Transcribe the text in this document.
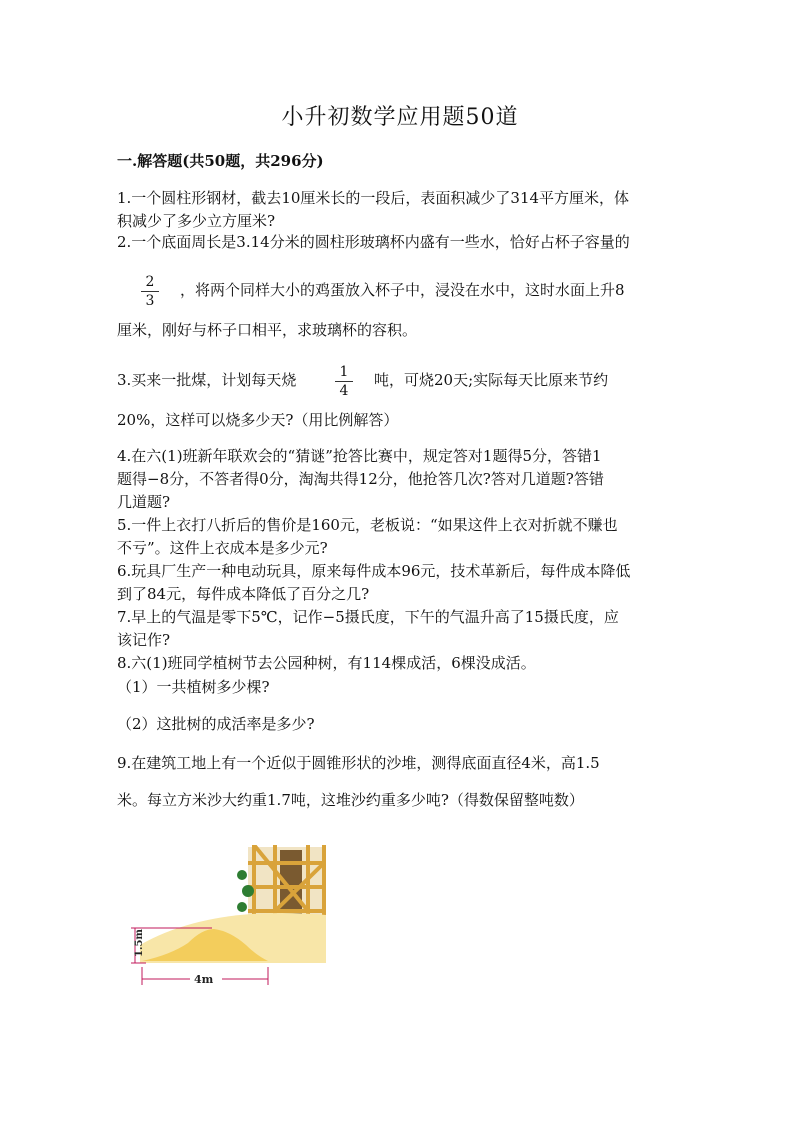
小升初数学应用题50道
一.解答题(共50题，共296分)
1.一个圆柱形钢材，截去10厘米长的一段后，表面积减少了314平方厘米，体
积减少了多少立方厘米?
2.一个底面周长是3.14分米的圆柱形玻璃杯内盛有一些水，恰好占杯子容量的
2
3
，将两个同样大小的鸡蛋放入杯子中，浸没在水中，这时水面上升8
厘米，刚好与杯子口相平，求玻璃杯的容积。
3.买来一批煤，计划每天烧	1
4
吨，可烧20天;实际每天比原来节约
20%，这样可以烧多少天?（用比例解答）
4.在六(1)班新年联欢会的“猜谜”抢答比赛中，规定答对1题得5分，答错1
题得−8分，不答者得0分，淘淘共得12分，他抢答几次?答对几道题?答错
几道题?
5.一件上衣打八折后的售价是160元，老板说：“如果这件上衣对折就不赚也
不亏”。这件上衣成本是多少元?
6.玩具厂生产一种电动玩具，原来每件成本96元，技术革新后，每件成本降低
到了84元，每件成本降低了百分之几?
7.早上的气温是零下5℃，记作−5摄氏度，下午的气温升高了15摄氏度，应
该记作?
8.六(1)班同学植树节去公园种树，有114棵成活，6棵没成活。
（1）一共植树多少棵?
（2）这批树的成活率是多少?
9.在建筑工地上有一个近似于圆锥形状的沙堆，测得底面直径4米，高1.5
米。每立方米沙大约重1.7吨，这堆沙约重多少吨?（得数保留整吨数）
1.5m
4m
